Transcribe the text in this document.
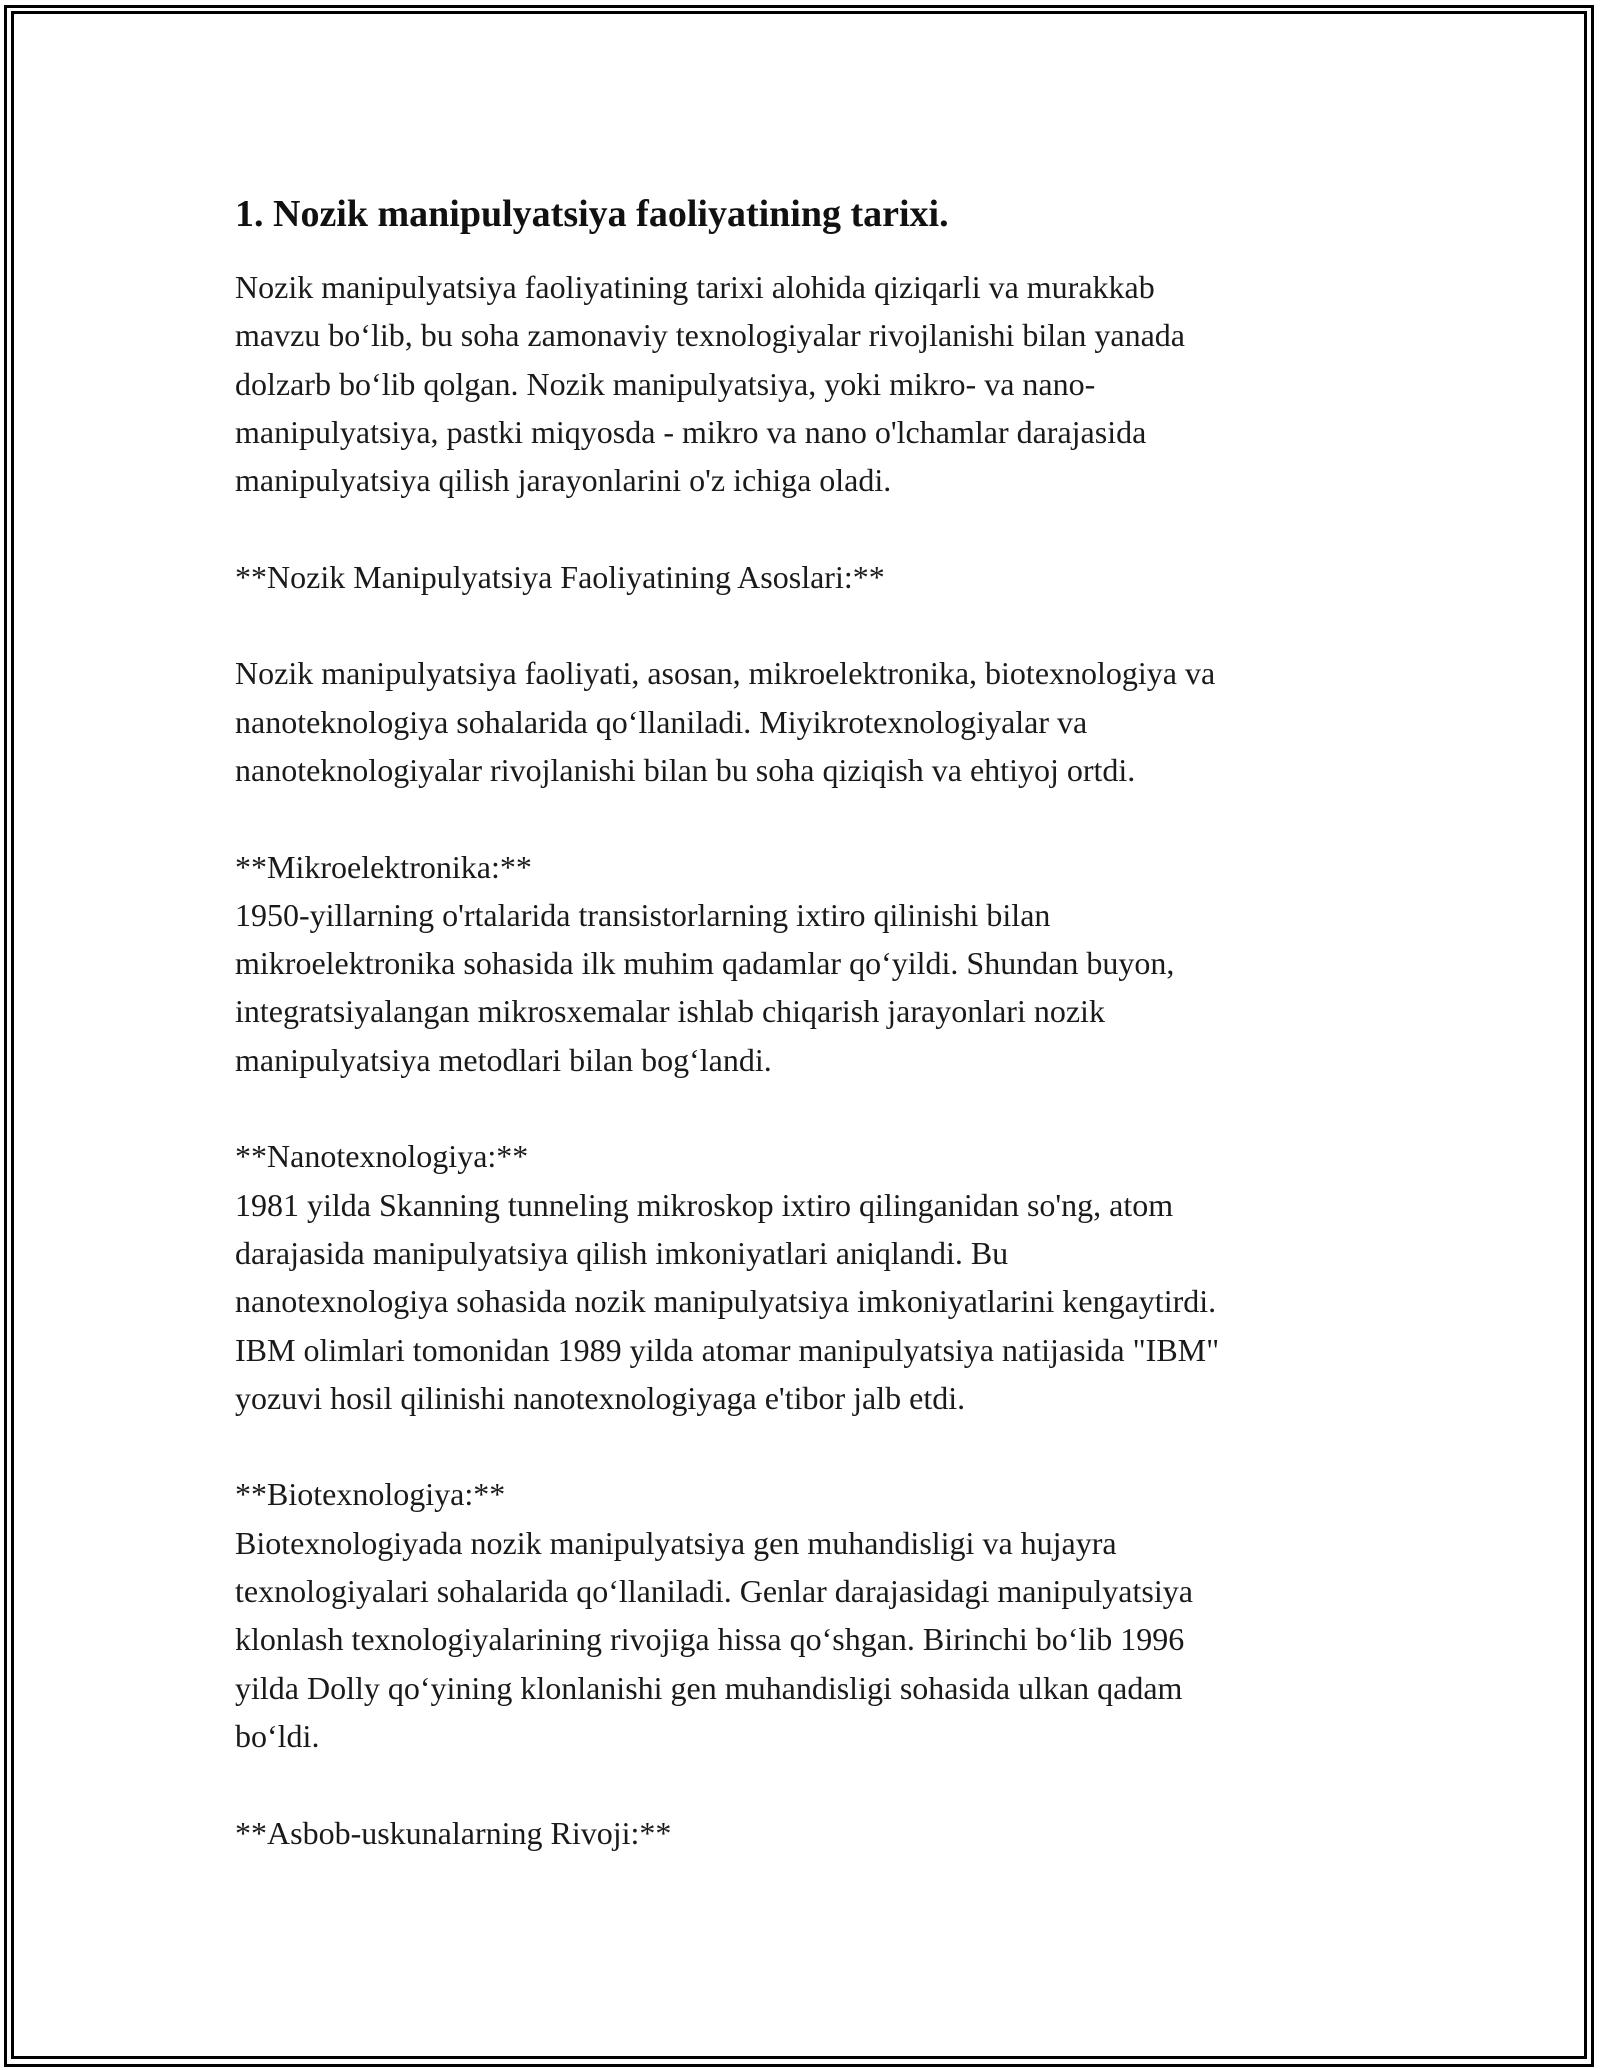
1. Nozik manipulyatsiya faoliyatining tarixi.

Nozik manipulyatsiya faoliyatining tarixi alohida qiziqarli va murakkab
mavzu bo‘lib, bu soha zamonaviy texnologiyalar rivojlanishi bilan yanada
dolzarb bo‘lib qolgan. Nozik manipulyatsiya, yoki mikro- va nano-
manipulyatsiya, pastki miqyosda - mikro va nano o'lchamlar darajasida
manipulyatsiya qilish jarayonlarini o'z ichiga oladi.

**Nozik Manipulyatsiya Faoliyatining Asoslari:**

Nozik manipulyatsiya faoliyati, asosan, mikroelektronika, biotexnologiya va
nanoteknologiya sohalarida qo‘llaniladi. Miyikrotexnologiyalar va
nanoteknologiyalar rivojlanishi bilan bu soha qiziqish va ehtiyoj ortdi.

**Mikroelektronika:**

1950-yillarning o'rtalarida transistorlarning ixtiro qilinishi bilan
mikroelektronika sohasida ilk muhim qadamlar qo‘yildi. Shundan buyon,
integratsiyalangan mikrosxemalar ishlab chiqarish jarayonlari nozik
manipulyatsiya metodlari bilan bog‘landi.

**Nanotexnologiya:**

1981 yilda Skanning tunneling mikroskop ixtiro qilinganidan so'ng, atom
darajasida manipulyatsiya qilish imkoniyatlari aniqlandi. Bu
nanotexnologiya sohasida nozik manipulyatsiya imkoniyatlarini kengaytirdi.
IBM olimlari tomonidan 1989 yilda atomar manipulyatsiya natijasida "IBM"
yozuvi hosil qilinishi nanotexnologiyaga e'tibor jalb etdi.

**Biotexnologiya:**

Biotexnologiyada nozik manipulyatsiya gen muhandisligi va hujayra
texnologiyalari sohalarida qo‘llaniladi. Genlar darajasidagi manipulyatsiya
klonlash texnologiyalarining rivojiga hissa qo‘shgan. Birinchi bo‘lib 1996
yilda Dolly qo‘yining klonlanishi gen muhandisligi sohasida ulkan qadam
bo‘ldi.

**Asbob-uskunalarning Rivoji:**
